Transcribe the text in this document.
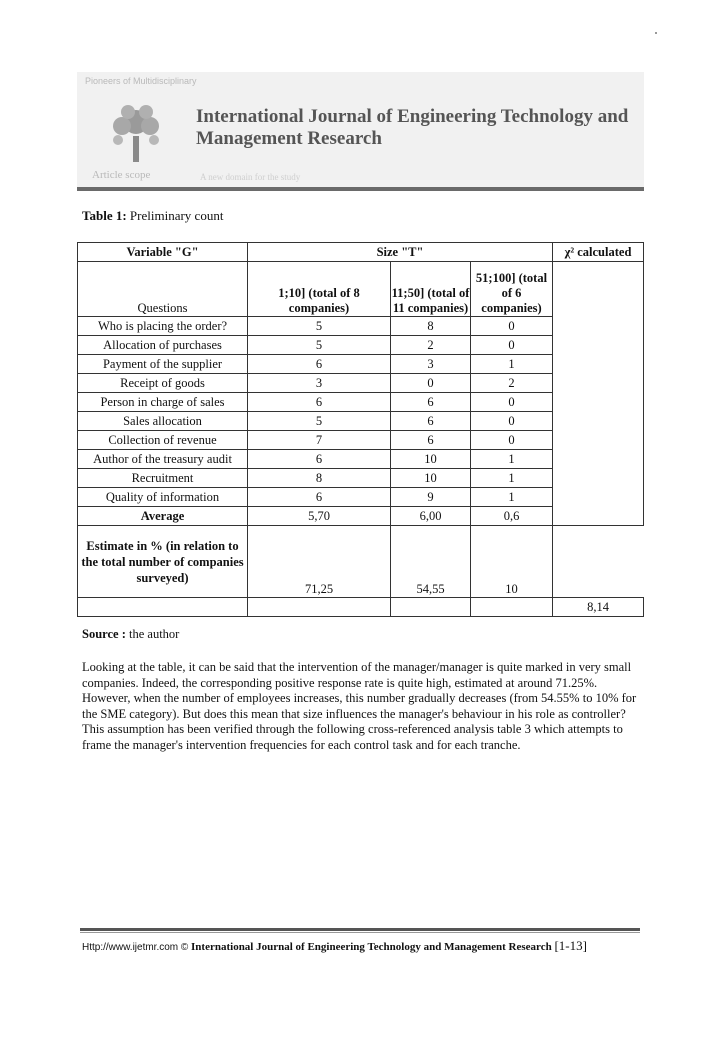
Pioneers of Multidisciplinary
International Journal of Engineering Technology and Management Research
Article scope	A new domain for the study
Table 1: Preliminary count
Variable "G"	Size "T"			χ² calculated
Questions	1;10] (total of 8 companies)	11;50] (total of 11 companies)	51;100] (total of 6 companies)	
Who is placing the order?	5	8	0	
Allocation of purchases	5	2	0	
Payment of the supplier	6	3	1	
Receipt of goods	3	0	2	
Person in charge of sales	6	6	0	
Sales allocation	5	6	0	
Collection of revenue	7	6	0	
Author of the treasury audit	6	10	1	
Recruitment	8	10	1	
Quality of information	6	9	1	
Average	5,70	6,00	0,6	
Estimate in % (in relation to the total number of companies surveyed)	71,25	54,55	10	
				8,14
Source : the author
Looking at the table, it can be said that the intervention of the manager/manager is quite marked in very small companies. Indeed, the corresponding positive response rate is quite high, estimated at around 71.25%. However, when the number of employees increases, this number gradually decreases (from 54.55% to 10% for the SME category). But does this mean that size influences the manager's behaviour in his role as controller? This assumption has been verified through the following cross-referenced analysis table 3 which attempts to frame the manager's intervention frequencies for each control task and for each tranche.
Http://www.ijetmr.com © International Journal of Engineering Technology and Management Research [1-13]
